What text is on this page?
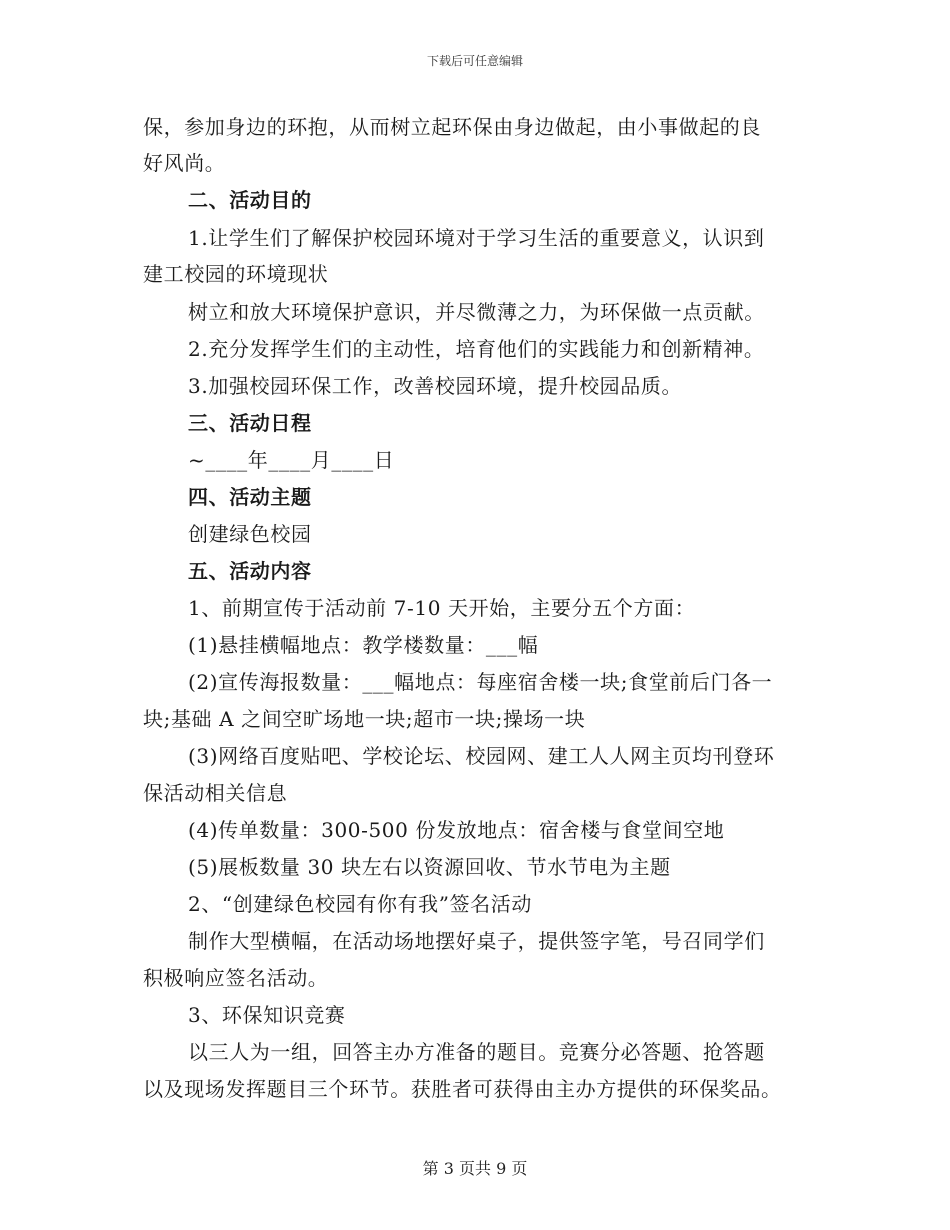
下载后可任意编辑
保，参加身边的环抱，从而树立起环保由身边做起，由小事做起的良
好风尚。
二、活动目的
1.让学生们了解保护校园环境对于学习生活的重要意义，认识到
建工校园的环境现状
树立和放大环境保护意识，并尽微薄之力，为环保做一点贡献。
2.充分发挥学生们的主动性，培育他们的实践能力和创新精神。
3.加强校园环保工作，改善校园环境，提升校园品质。
三、活动日程
~____年____月____日
四、活动主题
创建绿色校园
五、活动内容
1、前期宣传于活动前 7-10 天开始，主要分五个方面：
(1)悬挂横幅地点：教学楼数量：___幅
(2)宣传海报数量：___幅地点：每座宿舍楼一块;食堂前后门各一
块;基础 A 之间空旷场地一块;超市一块;操场一块
(3)网络百度贴吧、学校论坛、校园网、建工人人网主页均刊登环
保活动相关信息
(4)传单数量：300-500 份发放地点：宿舍楼与食堂间空地
(5)展板数量 30 块左右以资源回收、节水节电为主题
2、“创建绿色校园有你有我”签名活动
制作大型横幅，在活动场地摆好桌子，提供签字笔，号召同学们
积极响应签名活动。
3、环保知识竞赛
以三人为一组，回答主办方准备的题目。竞赛分必答题、抢答题
以及现场发挥题目三个环节。获胜者可获得由主办方提供的环保奖品。
第 3 页共 9 页
